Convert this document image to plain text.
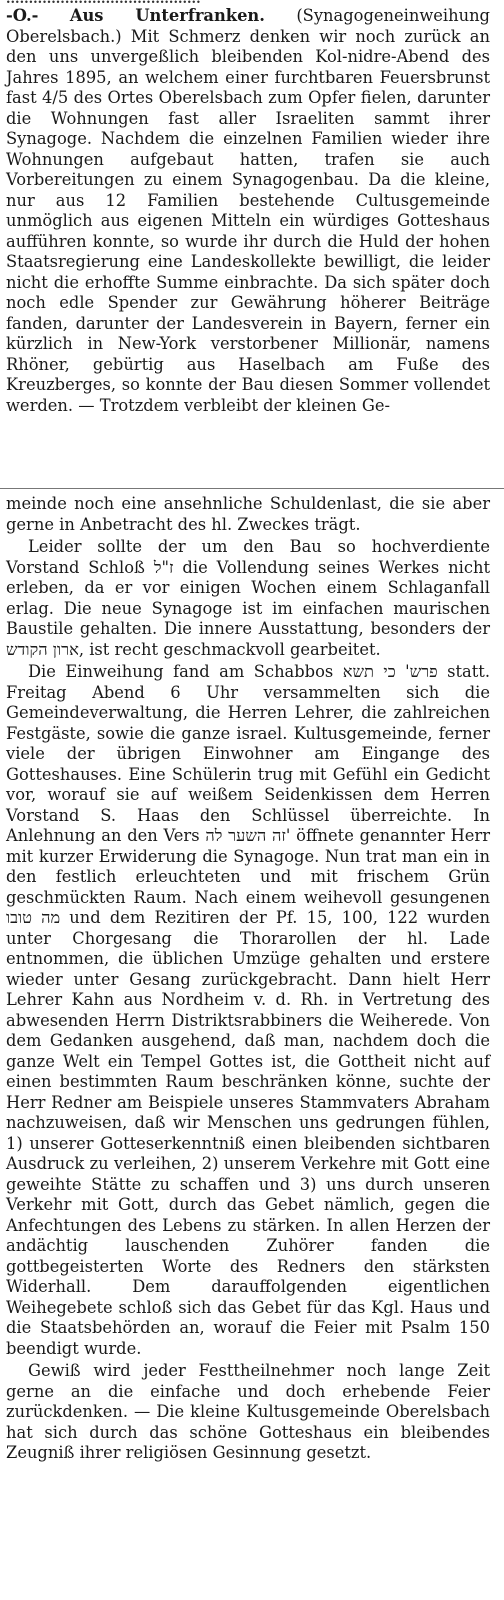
-O.- Aus Unterfranken. (Synagogeneinweihung Oberelsbach.) Mit Schmerz denken wir noch zurück an den uns unvergeßlich bleibenden Kol-nidre-Abend des Jahres 1895, an welchem einer furchtbaren Feuersbrunst fast 4/5 des Ortes Oberelsbach zum Opfer fielen, darunter die Wohnungen fast aller Israeliten sammt ihrer Synagoge. Nachdem die einzelnen Familien wieder ihre Wohnungen aufgebaut hatten, trafen sie auch Vorbereitungen zu einem Synagogenbau. Da die kleine, nur aus 12 Familien bestehende Cultusgemeinde unmöglich aus eigenen Mitteln ein würdiges Gotteshaus aufführen konnte, so wurde ihr durch die Huld der hohen Staatsregierung eine Landeskollekte bewilligt, die leider nicht die erhoffte Summe einbrachte. Da sich später doch noch edle Spender zur Gewährung höherer Beiträge fanden, darunter der Landesverein in Bayern, ferner ein kürzlich in New-York verstorbener Millionär, namens Rhöner, gebürtig aus Haselbach am Fuße des Kreuzberges, so konnte der Bau diesen Sommer vollendet werden. — Trotzdem verbleibt der kleinen Ge-

meinde noch eine ansehnliche Schuldenlast, die sie aber gerne in Anbetracht des hl. Zweckes trägt.

Leider sollte der um den Bau so hochverdiente Vorstand Schloß ז"ל die Vollendung seines Werkes nicht erleben, da er vor einigen Wochen einem Schlaganfall erlag. Die neue Synagoge ist im einfachen maurischen Baustile gehalten. Die innere Ausstattung, besonders der ארון הקודש, ist recht geschmackvoll gearbeitet.

Die Einweihung fand am Schabbos פרש' כי תשא statt. Freitag Abend 6 Uhr versammelten sich die Gemeindeverwaltung, die Herren Lehrer, die zahlreichen Festgäste, sowie die ganze israel. Kultusgemeinde, ferner viele der übrigen Einwohner am Eingange des Gotteshauses. Eine Schülerin trug mit Gefühl ein Gedicht vor, worauf sie auf weißem Seidenkissen dem Herren Vorstand S. Haas den Schlüssel überreichte. In Anlehnung an den Vers זה השער לה' öffnete genannter Herr mit kurzer Erwiderung die Synagoge. Nun trat man ein in den festlich erleuchteten und mit frischem Grün geschmückten Raum. Nach einem weihevoll gesungenen מה טובו und dem Rezitiren der Pf. 15, 100, 122 wurden unter Chorgesang die Thorarollen der hl. Lade entnommen, die üblichen Umzüge gehalten und erstere wieder unter Gesang zurückgebracht. Dann hielt Herr Lehrer Kahn aus Nordheim v. d. Rh. in Vertretung des abwesenden Herrn Distriktsrabbiners die Weiherede. Von dem Gedanken ausgehend, daß man, nachdem doch die ganze Welt ein Tempel Gottes ist, die Gottheit nicht auf einen bestimmten Raum beschränken könne, suchte der Herr Redner am Beispiele unseres Stammvaters Abraham nachzuweisen, daß wir Menschen uns gedrungen fühlen, 1) unserer Gotteserkenntniß einen bleibenden sichtbaren Ausdruck zu verleihen, 2) unserem Verkehre mit Gott eine geweihte Stätte zu schaffen und 3) uns durch unseren Verkehr mit Gott, durch das Gebet nämlich, gegen die Anfechtungen des Lebens zu stärken. In allen Herzen der andächtig lauschenden Zuhörer fanden die gottbegeisterten Worte des Redners den stärksten Widerhall. Dem darauffolgenden eigentlichen Weihegebete schloß sich das Gebet für das Kgl. Haus und die Staatsbehörden an, worauf die Feier mit Psalm 150 beendigt wurde.

Gewiß wird jeder Festtheilnehmer noch lange Zeit gerne an die einfache und doch erhebende Feier zurückdenken. — Die kleine Kultusgemeinde Oberelsbach hat sich durch das schöne Gotteshaus ein bleibendes Zeugniß ihrer religiösen Gesinnung gesetzt.
